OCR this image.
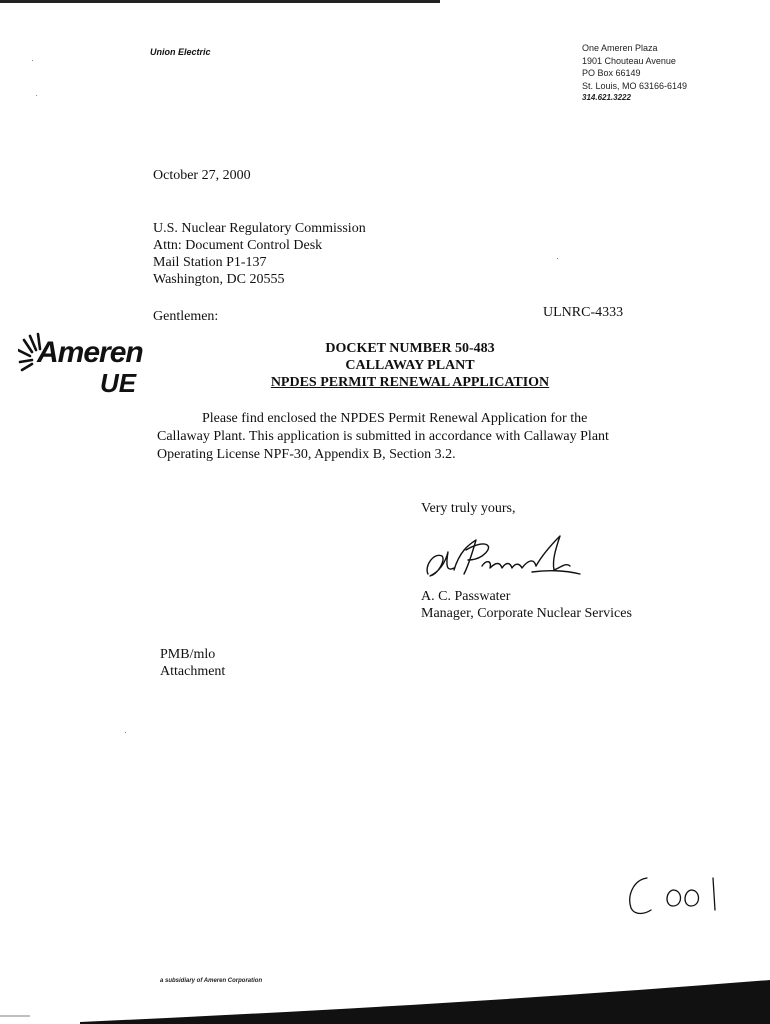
Union Electric	One Ameren Plaza
1901 Chouteau Avenue
PO Box 66149
St. Louis, MO 63166-6149
314.621.3222
October 27, 2000
U.S. Nuclear Regulatory Commission
Attn: Document Control Desk
Mail Station P1-137
Washington, DC 20555
ULNRC-4333
Gentlemen:
Ameren
UE
DOCKET NUMBER 50-483
CALLAWAY PLANT
NPDES PERMIT RENEWAL APPLICATION
Please find enclosed the NPDES Permit Renewal Application for the
Callaway Plant. This application is submitted in accordance with Callaway Plant
Operating License NPF-30, Appendix B, Section 3.2.
Very truly yours,
A. C. Passwater
Manager, Corporate Nuclear Services
PMB/mlo
Attachment
C 001
a subsidiary of Ameren Corporation
